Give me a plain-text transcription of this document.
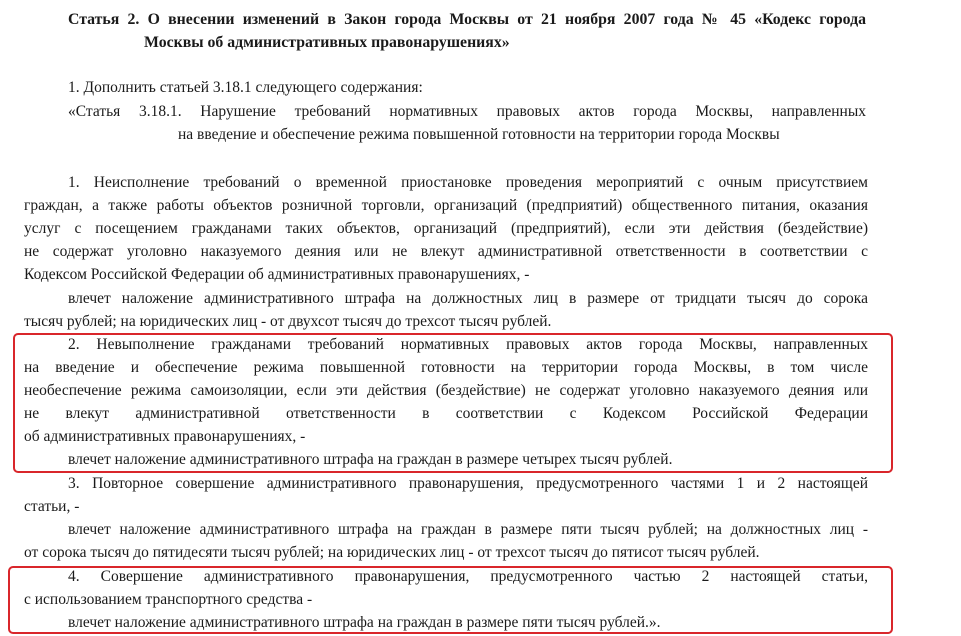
Статья 2. О внесении изменений в Закон города Москвы от 21 ноября 2007 года № 45 «Кодекс города
Москвы об административных правонарушениях»
1. Дополнить статьей 3.18.1 следующего содержания:
«Статья 3.18.1. Нарушение требований нормативных правовых актов города Москвы, направленных
на введение и обеспечение режима повышенной готовности на территории города Москвы
1. Неисполнение требований о временной приостановке проведения мероприятий с очным присутствием
граждан, а также работы объектов розничной торговли, организаций (предприятий) общественного питания, оказания
услуг с посещением гражданами таких объектов, организаций (предприятий), если эти действия (бездействие)
не содержат уголовно наказуемого деяния или не влекут административной ответственности в соответствии с
Кодексом Российской Федерации об административных правонарушениях, -
влечет наложение административного штрафа на должностных лиц в размере от тридцати тысяч до сорока
тысяч рублей; на юридических лиц - от двухсот тысяч до трехсот тысяч рублей.
2. Невыполнение гражданами требований нормативных правовых актов города Москвы, направленных
на введение и обеспечение режима повышенной готовности на территории города Москвы, в том числе
необеспечение режима самоизоляции, если эти действия (бездействие) не содержат уголовно наказуемого деяния или
не влекут административной ответственности в соответствии с Кодексом Российской Федерации
об административных правонарушениях, -
влечет наложение административного штрафа на граждан в размере четырех тысяч рублей.
3. Повторное совершение административного правонарушения, предусмотренного частями 1 и 2 настоящей
статьи, -
влечет наложение административного штрафа на граждан в размере пяти тысяч рублей; на должностных лиц -
от сорока тысяч до пятидесяти тысяч рублей; на юридических лиц - от трехсот тысяч до пятисот тысяч рублей.
4. Совершение административного правонарушения, предусмотренного частью 2 настоящей статьи,
с использованием транспортного средства -
влечет наложение административного штрафа на граждан в размере пяти тысяч рублей.».
